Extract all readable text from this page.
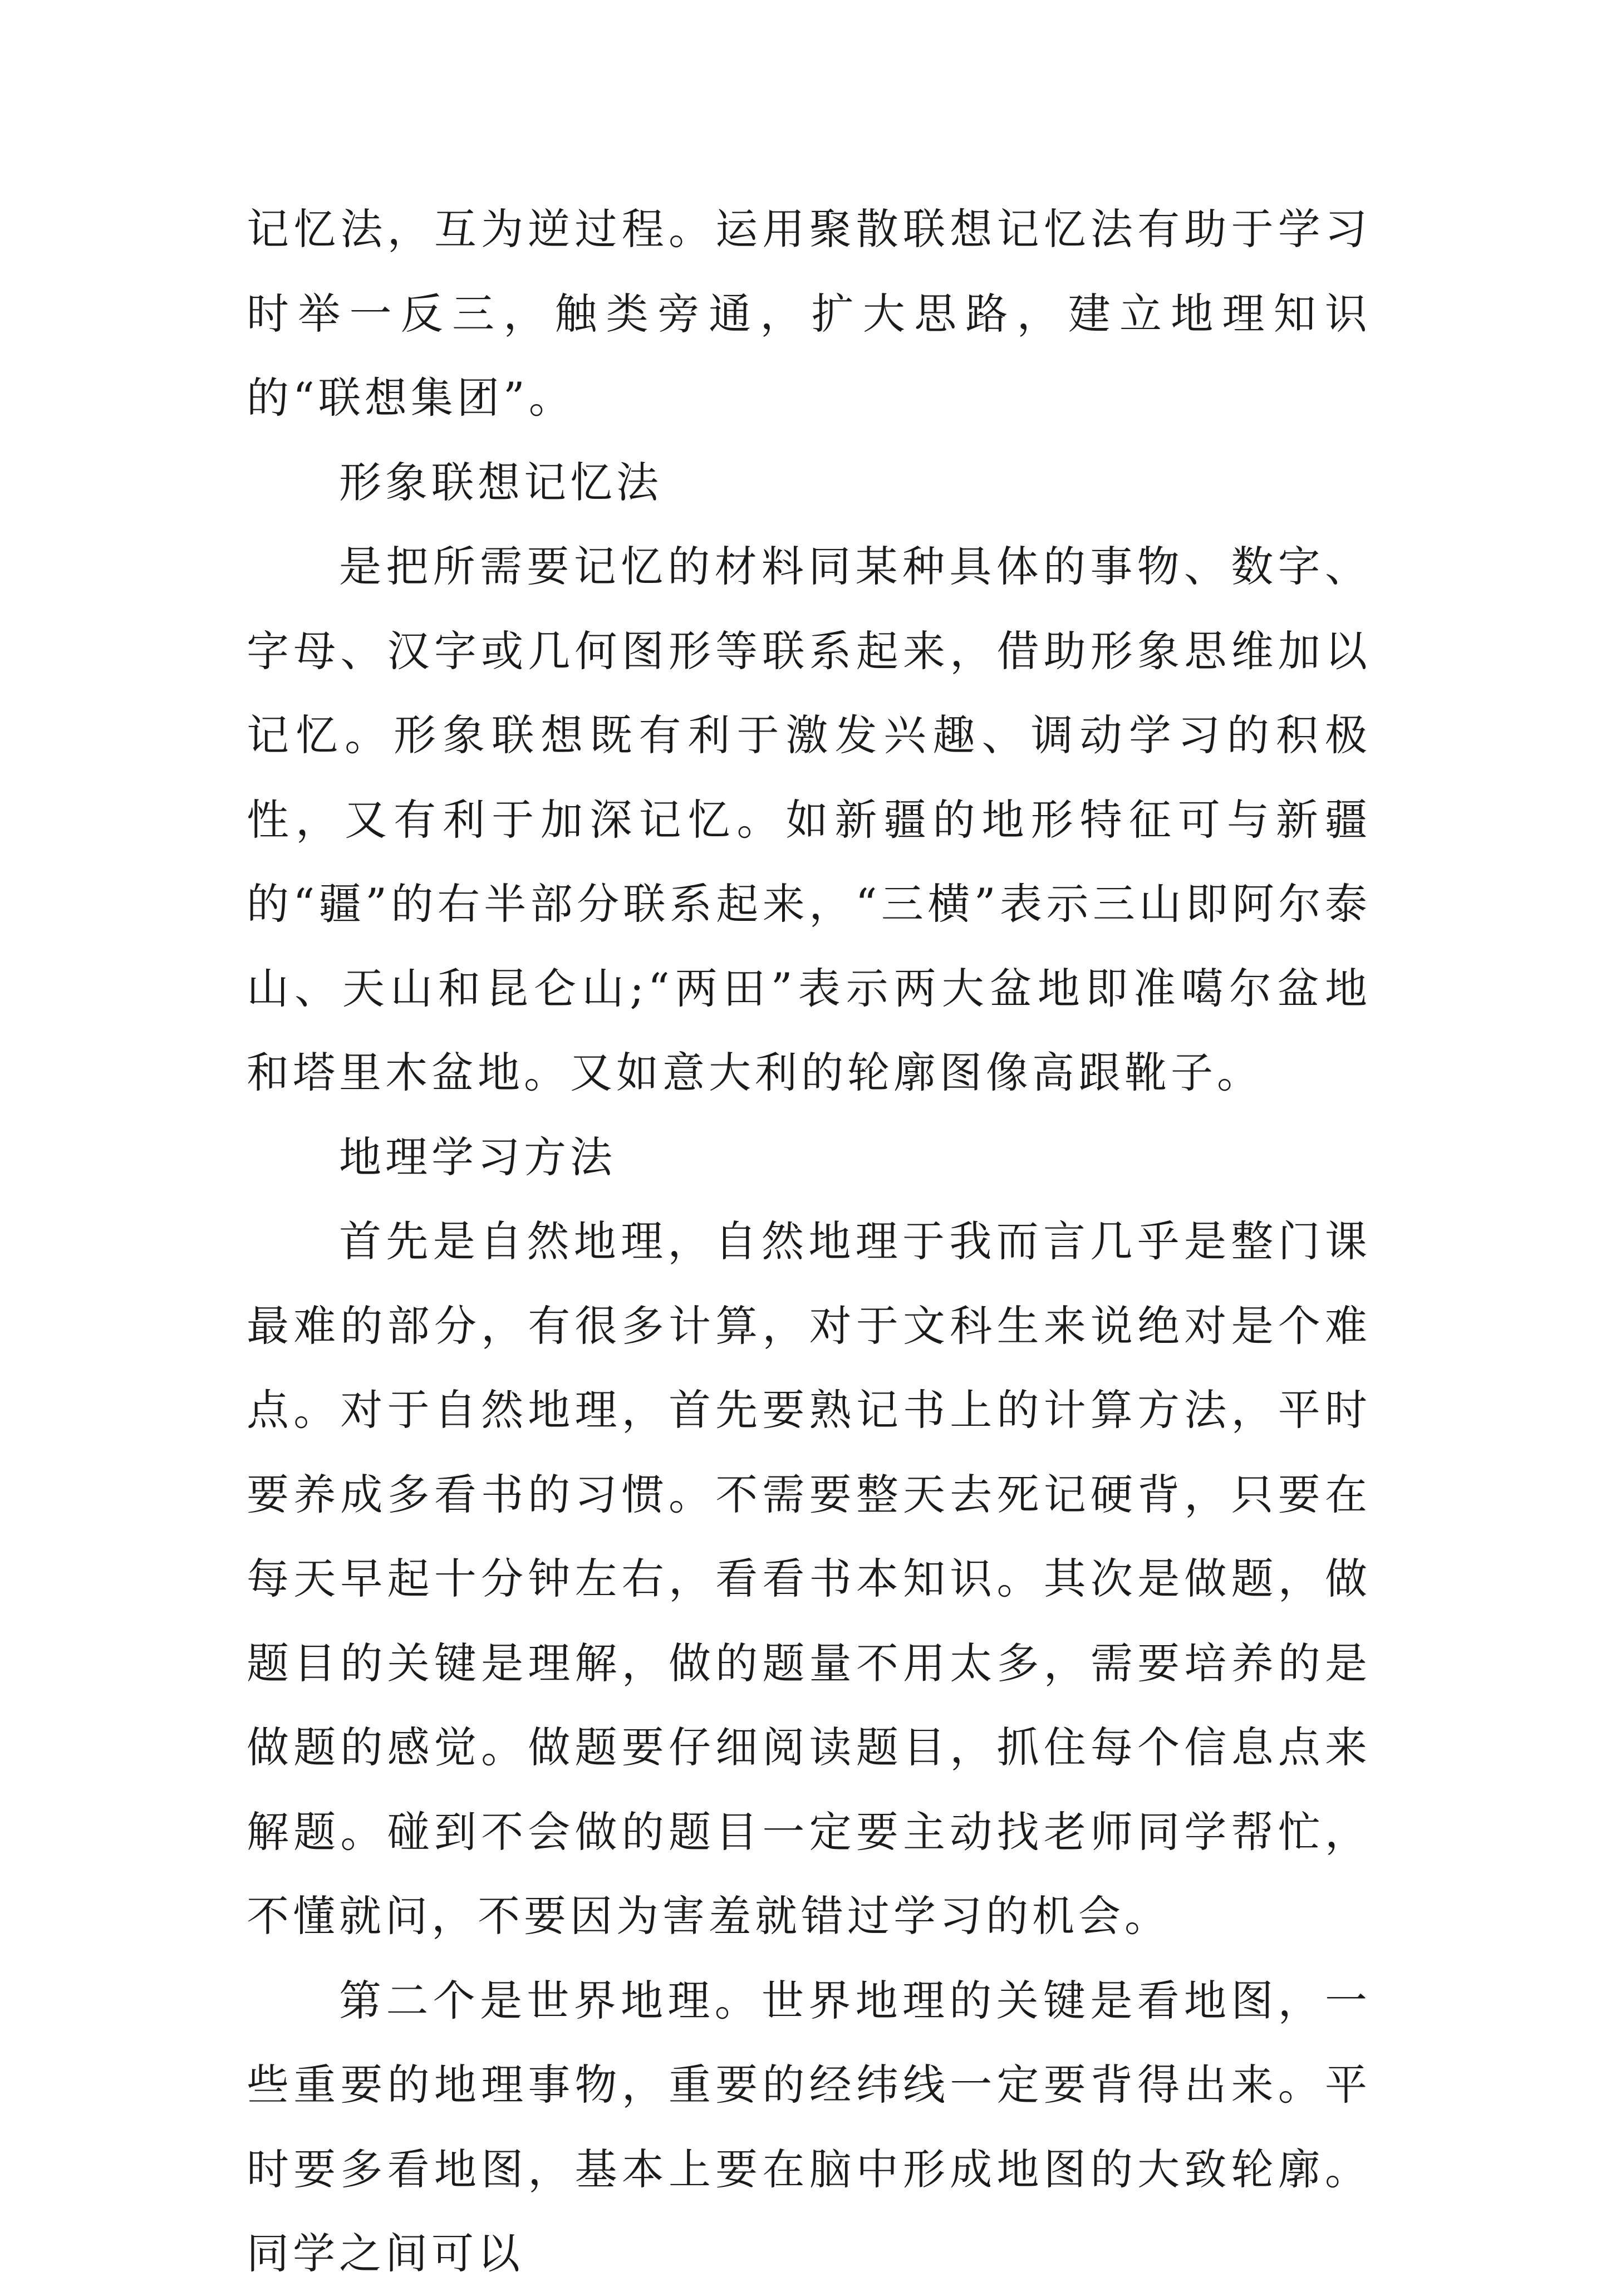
记忆法，互为逆过程。运用聚散联想记忆法有助于学习时举一反三，触类旁通，扩大思路，建立地理知识的“联想集团”。

形象联想记忆法

是把所需要记忆的材料同某种具体的事物、数字、字母、汉字或几何图形等联系起来，借助形象思维加以记忆。形象联想既有利于激发兴趣、调动学习的积极性，又有利于加深记忆。如新疆的地形特征可与新疆的“疆”的右半部分联系起来，“三横”表示三山即阿尔泰山、天山和昆仑山;“两田”表示两大盆地即准噶尔盆地和塔里木盆地。又如意大利的轮廓图像高跟靴子。

地理学习方法

首先是自然地理，自然地理于我而言几乎是整门课最难的部分，有很多计算，对于文科生来说绝对是个难点。对于自然地理，首先要熟记书上的计算方法，平时要养成多看书的习惯。不需要整天去死记硬背，只要在每天早起十分钟左右，看看书本知识。其次是做题，做题目的关键是理解，做的题量不用太多，需要培养的是做题的感觉。做题要仔细阅读题目，抓住每个信息点来解题。碰到不会做的题目一定要主动找老师同学帮忙，不懂就问，不要因为害羞就错过学习的机会。

第二个是世界地理。世界地理的关键是看地图，一些重要的地理事物，重要的经纬线一定要背得出来。平时要多看地图，基本上要在脑中形成地图的大致轮廓。同学之间可以
